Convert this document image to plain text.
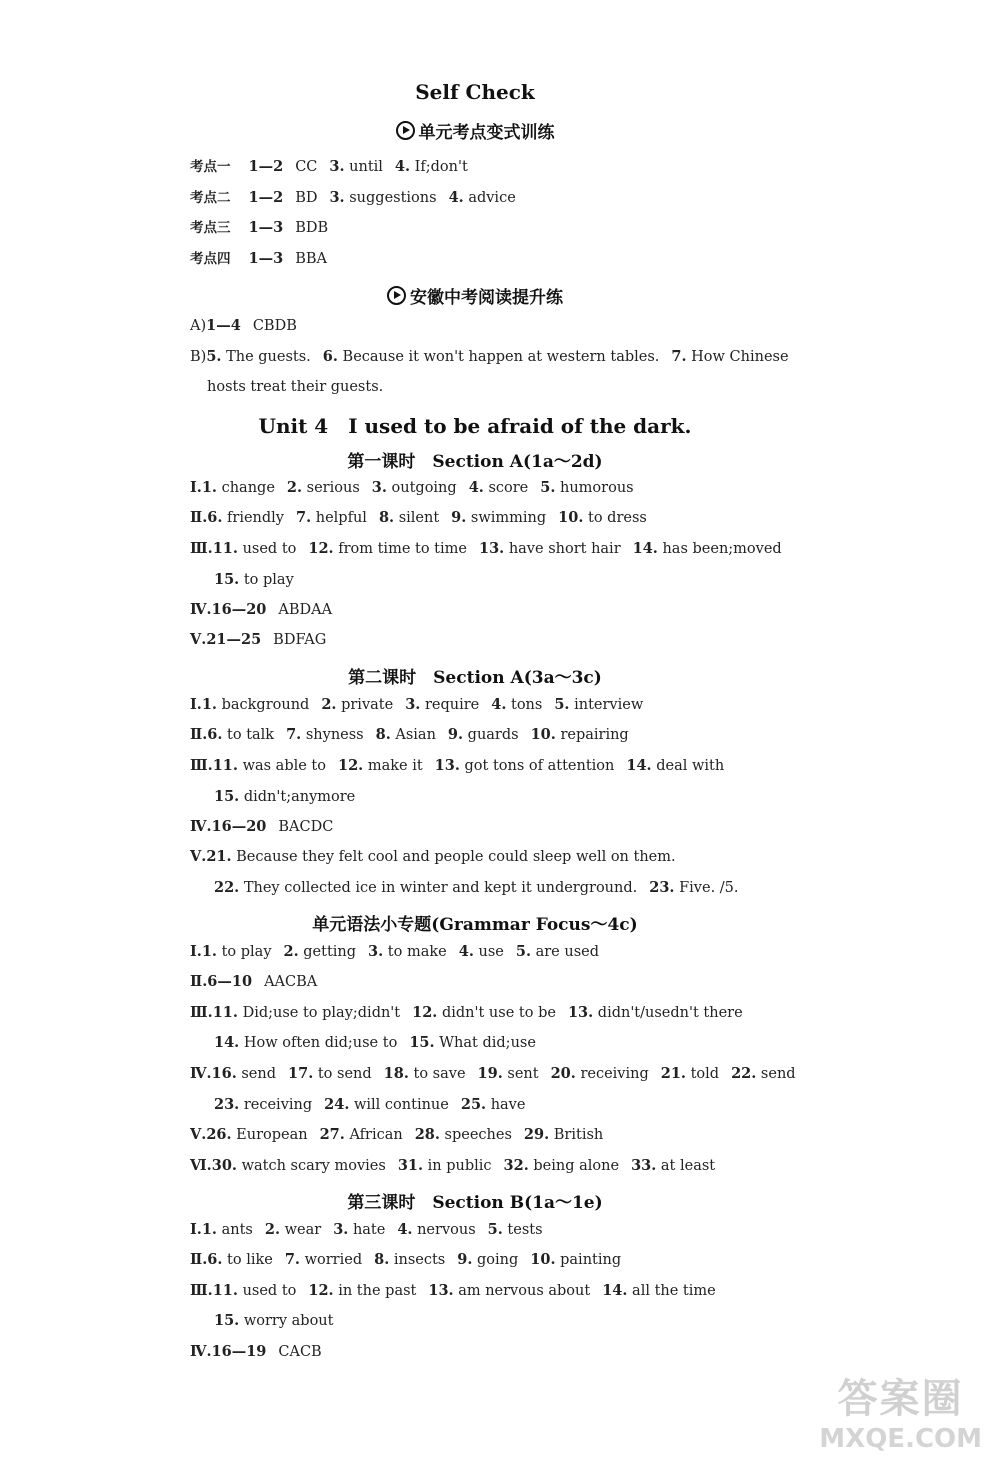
Self Check
单元考点变式训练
考点一 1—2 CC 3. until 4. If;don't
考点二 1—2 BD 3. suggestions 4. advice
考点三 1—3 BDB
考点四 1—3 BBA
安徽中考阅读提升练
A)1—4 CBDB
B)5. The guests. 6. Because it won't happen at western tables. 7. How Chinese
hosts treat their guests.
Unit 4　I used to be afraid of the dark.
第一课时　Section A(1a～2d)
Ⅰ.1. change 2. serious 3. outgoing 4. score 5. humorous
Ⅱ.6. friendly 7. helpful 8. silent 9. swimming 10. to dress
Ⅲ.11. used to 12. from time to time 13. have short hair 14. has been;moved
15. to play
Ⅳ.16—20 ABDAA
Ⅴ.21—25 BDFAG
第二课时　Section A(3a～3c)
Ⅰ.1. background 2. private 3. require 4. tons 5. interview
Ⅱ.6. to talk 7. shyness 8. Asian 9. guards 10. repairing
Ⅲ.11. was able to 12. make it 13. got tons of attention 14. deal with
15. didn't;anymore
Ⅳ.16—20 BACDC
Ⅴ.21. Because they felt cool and people could sleep well on them.
22. They collected ice in winter and kept it underground. 23. Five. /5.
单元语法小专题(Grammar Focus～4c)
Ⅰ.1. to play 2. getting 3. to make 4. use 5. are used
Ⅱ.6—10 AACBA
Ⅲ.11. Did;use to play;didn't 12. didn't use to be 13. didn't/usedn't there
14. How often did;use to 15. What did;use
Ⅳ.16. send 17. to send 18. to save 19. sent 20. receiving 21. told 22. send
23. receiving 24. will continue 25. have
Ⅴ.26. European 27. African 28. speeches 29. British
Ⅵ.30. watch scary movies 31. in public 32. being alone 33. at least
第三课时　Section B(1a～1e)
Ⅰ.1. ants 2. wear 3. hate 4. nervous 5. tests
Ⅱ.6. to like 7. worried 8. insects 9. going 10. painting
Ⅲ.11. used to 12. in the past 13. am nervous about 14. all the time
15. worry about
Ⅳ.16—19 CACB
答案圈
MXQE.COM
